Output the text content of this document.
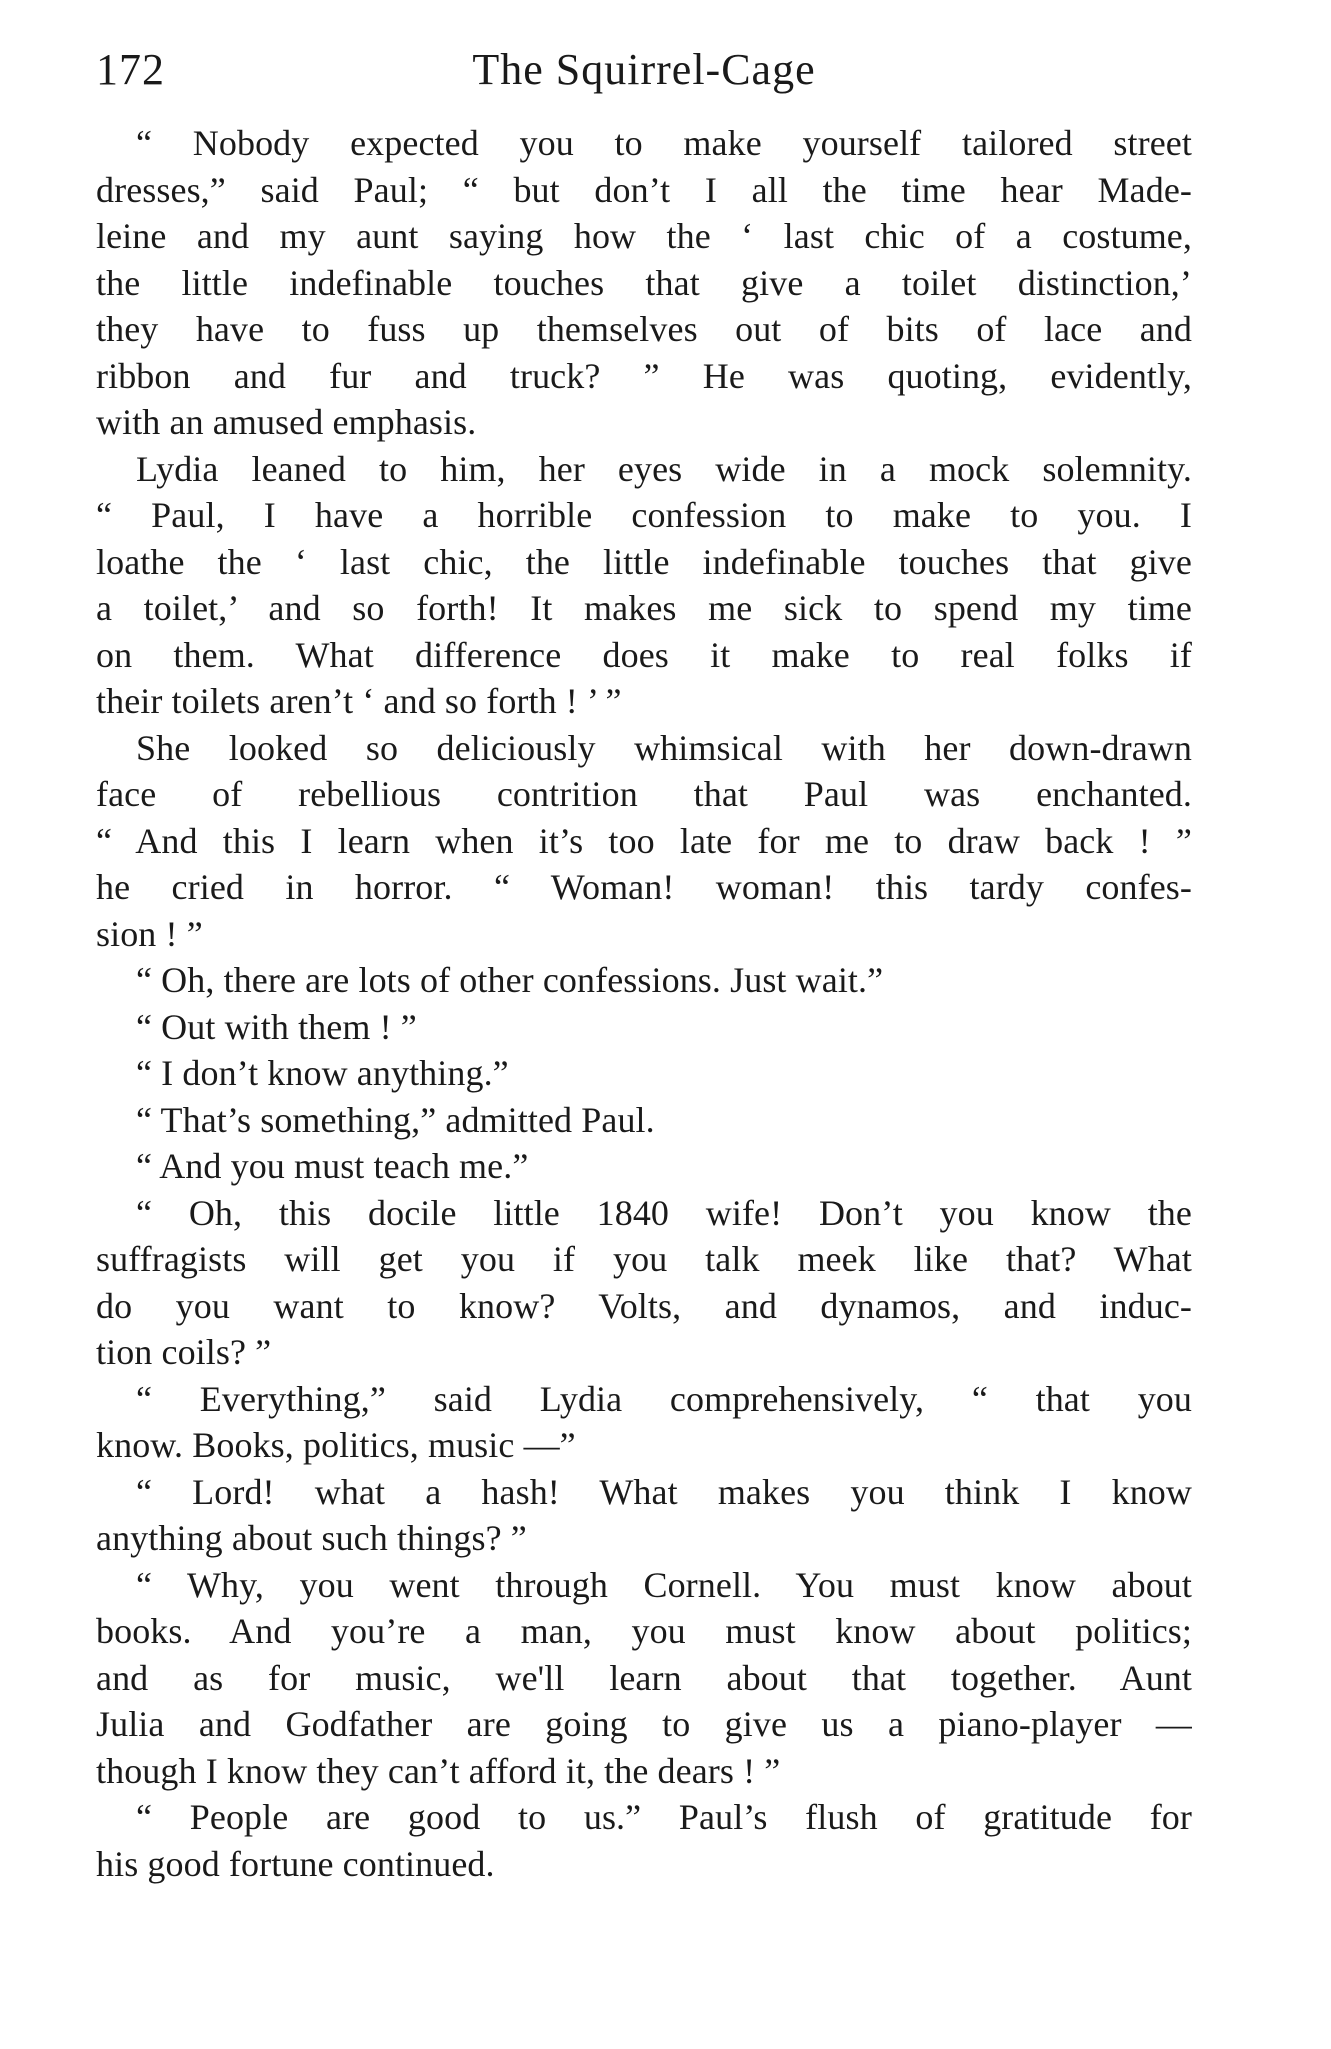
172	The Squirrel-Cage
“ Nobody expected you to make yourself tailored street
dresses,” said Paul; “ but don’t I all the time hear Made-
leine and my aunt saying how the ‘ last chic of a costume,
the little indefinable touches that give a toilet distinction,’
they have to fuss up themselves out of bits of lace and
ribbon and fur and truck? ” He was quoting, evidently,
with an amused emphasis.
Lydia leaned to him, her eyes wide in a mock solemnity.
“ Paul, I have a horrible confession to make to you. I
loathe the ‘ last chic, the little indefinable touches that give
a toilet,’ and so forth! It makes me sick to spend my time
on them. What difference does it make to real folks if
their toilets aren’t ‘ and so forth ! ’ ”
She looked so deliciously whimsical with her down-drawn
face of rebellious contrition that Paul was enchanted.
“ And this I learn when it’s too late for me to draw back ! ”
he cried in horror. “ Woman! woman! this tardy confes-
sion ! ”
“ Oh, there are lots of other confessions. Just wait.”
“ Out with them ! ”
“ I don’t know anything.”
“ That’s something,” admitted Paul.
“ And you must teach me.”
“ Oh, this docile little 1840 wife! Don’t you know the
suffragists will get you if you talk meek like that? What
do you want to know? Volts, and dynamos, and induc-
tion coils? ”
“ Everything,” said Lydia comprehensively, “ that you
know. Books, politics, music —”
“ Lord! what a hash! What makes you think I know
anything about such things? ”
“ Why, you went through Cornell. You must know about
books. And you’re a man, you must know about politics;
and as for music, we'll learn about that together. Aunt
Julia and Godfather are going to give us a piano-player —
though I know they can’t afford it, the dears ! ”
“ People are good to us.” Paul’s flush of gratitude for
his good fortune continued.
